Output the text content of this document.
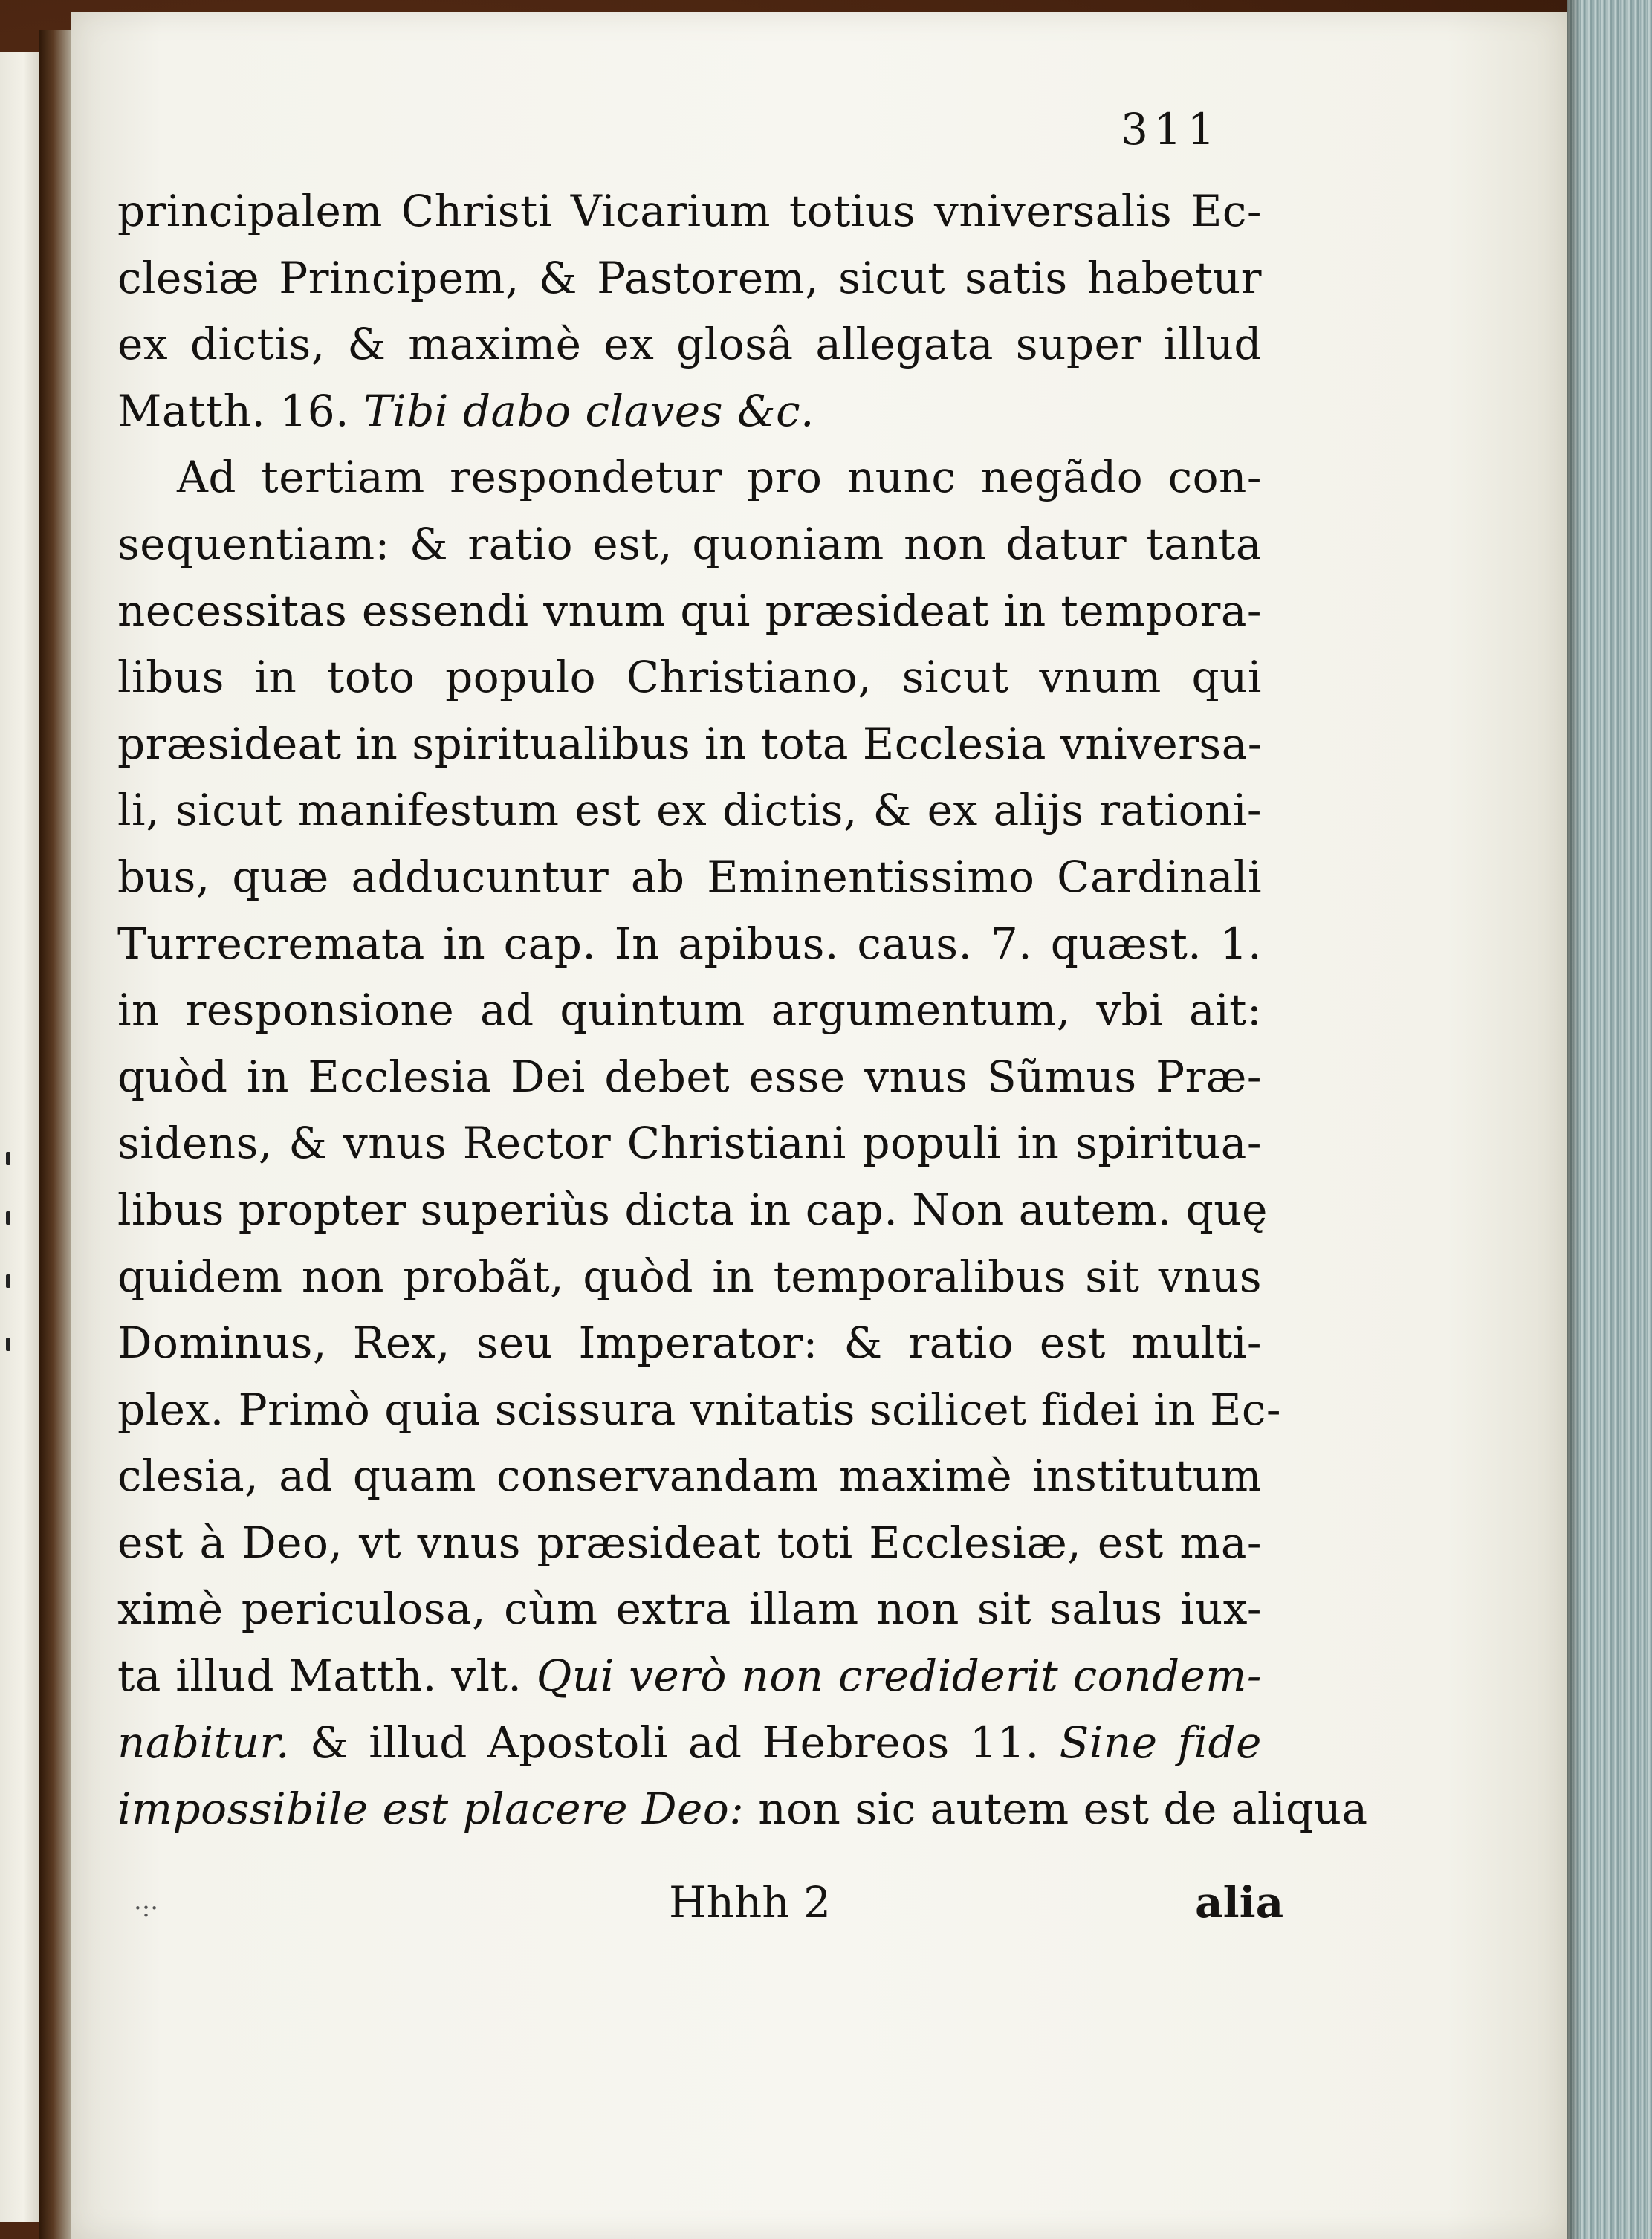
311
principalem Christi Vicarium totius vniversalis Ec-
clesiæ Principem, & Pastorem, sicut satis habetur
ex dictis, & maximè ex glosâ allegata super illud
Matth. 16. Tibi dabo claves &c.
Ad tertiam respondetur pro nunc negãdo con-
sequentiam: & ratio est, quoniam non datur tanta
necessitas essendi vnum qui præsideat in tempora-
libus in toto populo Christiano, sicut vnum qui
præsideat in spiritualibus in tota Ecclesia vniversa-
li, sicut manifestum est ex dictis, & ex alijs rationi-
bus, quæ adducuntur ab Eminentissimo Cardinali
Turrecremata in cap. In apibus. caus. 7. quæst. 1.
in responsione ad quintum argumentum, vbi ait:
quòd in Ecclesia Dei debet esse vnus Sũmus Præ-
sidens, & vnus Rector Christiani populi in spiritua-
libus propter superiùs dicta in cap. Non autem. quę
quidem non probãt, quòd in temporalibus sit vnus
Dominus, Rex, seu Imperator: & ratio est multi-
plex. Primò quia scissura vnitatis scilicet fidei in Ec-
clesia, ad quam conservandam maximè institutum
est à Deo, vt vnus præsideat toti Ecclesiæ, est ma-
ximè periculosa, cùm extra illam non sit salus iux-
ta illud Matth. vlt. Qui verò non crediderit condem-
nabitur. & illud Apostoli ad Hebreos 11. Sine fide
impossibile est placere Deo: non sic autem est de aliqua
·:·	Hhhh 2	alia
